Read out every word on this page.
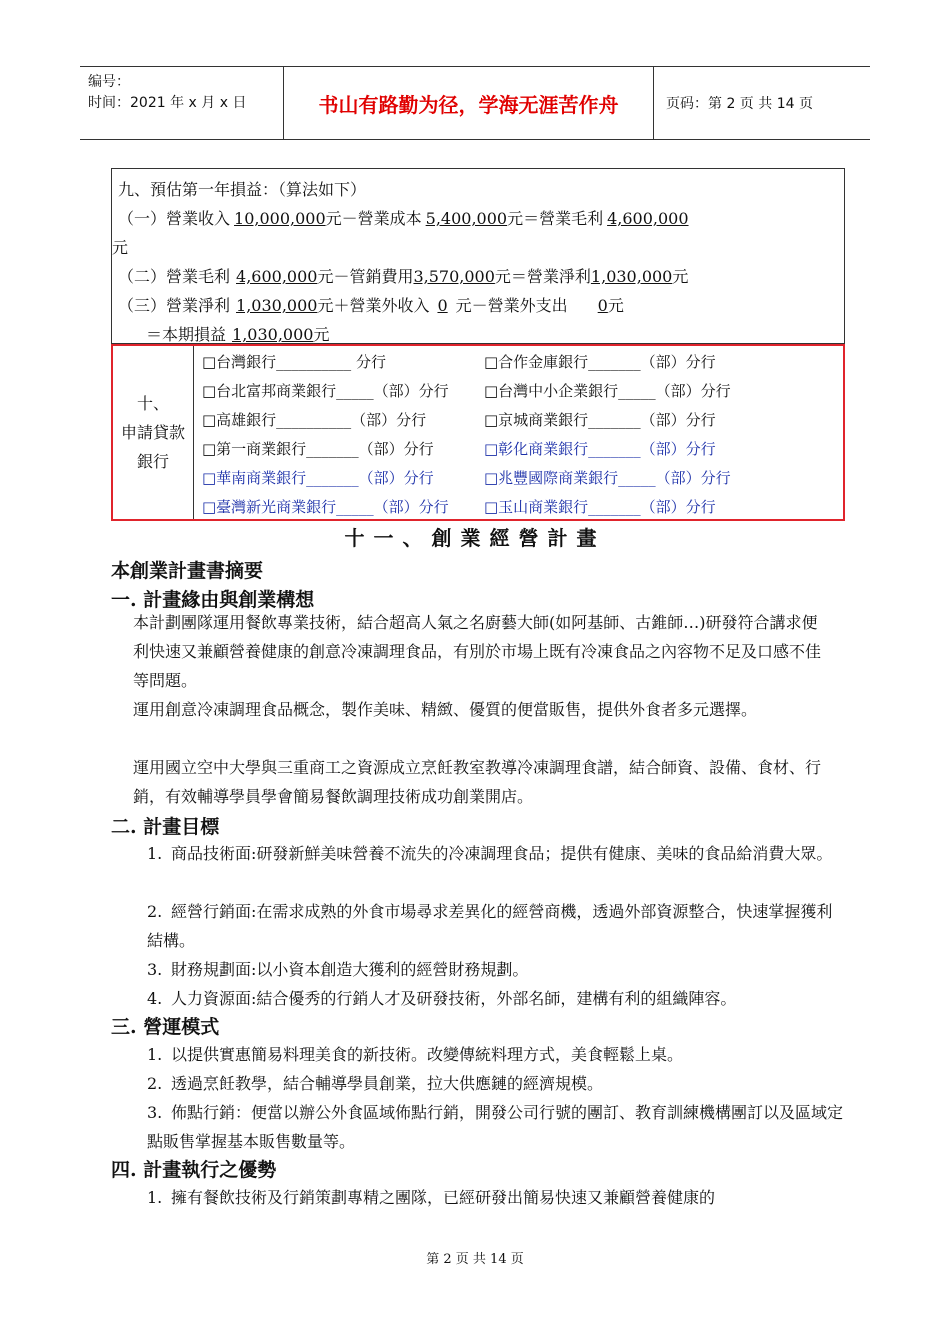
编号：
时间：2021 年 x 月 x 日	书山有路勤为径，学海无涯苦作舟	页码：第 2 页 共 14 页
九、預估第一年損益：（算法如下）
（一）營業收入 10,000,000元－營業成本 5,400,000元＝營業毛利 4,600,000
元
（二）營業毛利 4,600,000元－管銷費用3,570,000元＝營業淨利1,030,000元
（三）營業淨利 1,030,000元＋營業外收入 0 元－營業外支出 0元
＝本期損益 1,030,000元
十、
申請貸款
銀行
□台灣銀行__________ 分行	□合作金庫銀行_______（部）分行
□台北富邦商業銀行_____（部）分行	□台灣中小企業銀行_____（部）分行
□高雄銀行__________（部）分行	□京城商業銀行_______（部）分行
□第一商業銀行_______（部）分行	□彰化商業銀行_______（部）分行
□華南商業銀行_______（部）分行	□兆豐國際商業銀行_____（部）分行
□臺灣新光商業銀行_____（部）分行	□玉山商業銀行_______（部）分行
十一、創業經營計畫
本創業計畫書摘要
一. 計畫緣由與創業構想
本計劃團隊運用餐飲專業技術，結合超高人氣之名廚藝大師(如阿基師、古錐師…)研發符合講求便利快速又兼顧營養健康的創意冷凍調理食品，有別於市場上既有冷凍食品之內容物不足及口感不佳等問題。
運用創意冷凍調理食品概念，製作美味、精緻、優質的便當販售，提供外食者多元選擇。
運用國立空中大學與三重商工之資源成立烹飪教室教導冷凍調理食譜，結合師資、設備、食材、行銷，有效輔導學員學會簡易餐飲調理技術成功創業開店。
二. 計畫目標
1. 商品技術面:研發新鮮美味營養不流失的冷凍調理食品；提供有健康、美味的食品給消費大眾。
2. 經營行銷面:在需求成熟的外食市場尋求差異化的經營商機，透過外部資源整合，快速掌握獲利結構。
3. 財務規劃面:以小資本創造大獲利的經營財務規劃。
4. 人力資源面:結合優秀的行銷人才及研發技術，外部名師，建構有利的組織陣容。
三. 營運模式
1. 以提供實惠簡易料理美食的新技術。改變傳統料理方式，美食輕鬆上桌。
2. 透過烹飪教學，結合輔導學員創業，拉大供應鏈的經濟規模。
3. 佈點行銷：便當以辦公外食區域佈點行銷，開發公司行號的團訂、教育訓練機構團訂以及區域定點販售掌握基本販售數量等。
四. 計畫執行之優勢
1. 擁有餐飲技術及行銷策劃專精之團隊，已經研發出簡易快速又兼顧營養健康的
第 2 页 共 14 页
